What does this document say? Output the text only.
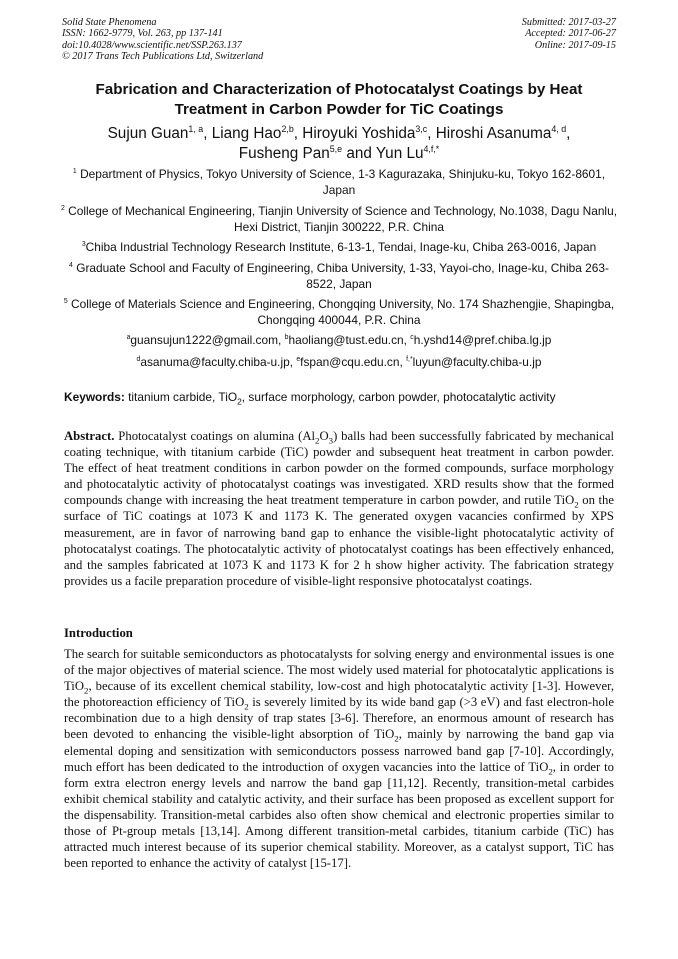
Solid State Phenomena
ISSN: 1662-9779, Vol. 263, pp 137-141
doi:10.4028/www.scientific.net/SSP.263.137
© 2017 Trans Tech Publications Ltd, Switzerland
Submitted: 2017-03-27
Accepted: 2017-06-27
Online: 2017-09-15
Fabrication and Characterization of Photocatalyst Coatings by Heat
Treatment in Carbon Powder for TiC Coatings
Sujun Guan$^{1, a}$, Liang Hao$^{2,b}$, Hiroyuki Yoshida$^{3,c}$, Hiroshi Asanuma$^{4, d}$,
Fusheng Pan$^{5,e}$ and Yun $Lu^{4,f,*}$
$^1$ Department of Physics, Tokyo University of Science, 1-3 Kagurazaka, Shinjuku-ku, Tokyo 162-8601, Japan
$^2$ College of Mechanical Engineering, Tianjin University of Science and Technology, No.1038, Dagu Nanlu, Hexi District, Tianjin 300222, P.R. China
$^3$Chiba Industrial Technology Research Institute, 6-13-1, Tendai, Inage-ku, Chiba 263-0016, Japan
$^4$ Graduate School and Faculty of Engineering, Chiba University, 1-33, Yayoi-cho, Inage-ku, Chiba 263-8522, Japan
$^5$ College of Materials Science and Engineering, Chongqing University, No. 174 Shazhengjie, Shapingba, Chongqing 400044, P.R. China
$^a$guansujun1222@gmail.com, $^b$haoliang@tust.edu.cn, $^c$h.yshd14@pref.chiba.lg.jp
$^d$asanuma@faculty.chiba-u.jp, $^e$fspan@cqu.edu.cn, $^{f,*}$luyun@faculty.chiba-u.jp
Keywords: titanium carbide, TiO$_2$, surface morphology, carbon powder, photocatalytic activity
Abstract. Photocatalyst coatings on alumina $(Al_2O_3)$ balls had been successfully fabricated by mechanical coating technique, with titanium carbide (TiC) powder and subsequent heat treatment in carbon powder. The effect of heat treatment conditions in carbon powder on the formed compounds, surface morphology and photocatalytic activity of photocatalyst coatings was investigated. XRD results show that the formed compounds change with increasing the heat treatment temperature in carbon powder, and rutile TiO$_2$ on the surface of TiC coatings at 1073 K and 1173 K. The generated oxygen vacancies confirmed by XPS measurement, are in favor of narrowing band gap to enhance the visible-light photocatalytic activity of photocatalyst coatings. The photocatalytic activity of photocatalyst coatings has been effectively enhanced, and the samples fabricated at 1073 K and 1173 K for 2 h show higher activity. The fabrication strategy provides us a facile preparation procedure of visible-light responsive photocatalyst coatings.
Introduction
The search for suitable semiconductors as photocatalysts for solving energy and environmental issues is one of the major objectives of material science. The most widely used material for photocatalytic applications is TiO$_2$, because of its excellent chemical stability, low-cost and high photocatalytic activity [1-3]. However, the photoreaction efficiency of TiO$_2$ is severely limited by its wide band gap (>3 eV) and fast electron-hole recombination due to a high density of trap states [3-6]. Therefore, an enormous amount of research has been devoted to enhancing the visible-light absorption of TiO$_2$, mainly by narrowing the band gap via elemental doping and sensitization with semiconductors possess narrowed band gap [7-10]. Accordingly, much effort has been dedicated to the introduction of oxygen vacancies into the lattice of TiO$_2$, in order to form extra electron energy levels and narrow the band gap [11,12]. Recently, transition-metal carbides exhibit chemical stability and catalytic activity, and their surface has been proposed as excellent support for the dispensability. Transition-metal carbides also often show chemical and electronic properties similar to those of Pt-group metals [13,14]. Among different transition-metal carbides, titanium carbide (TiC) has attracted much interest because of its superior chemical stability. Moreover, as a catalyst support, TiC has been reported to enhance the activity of catalyst [15-17].
